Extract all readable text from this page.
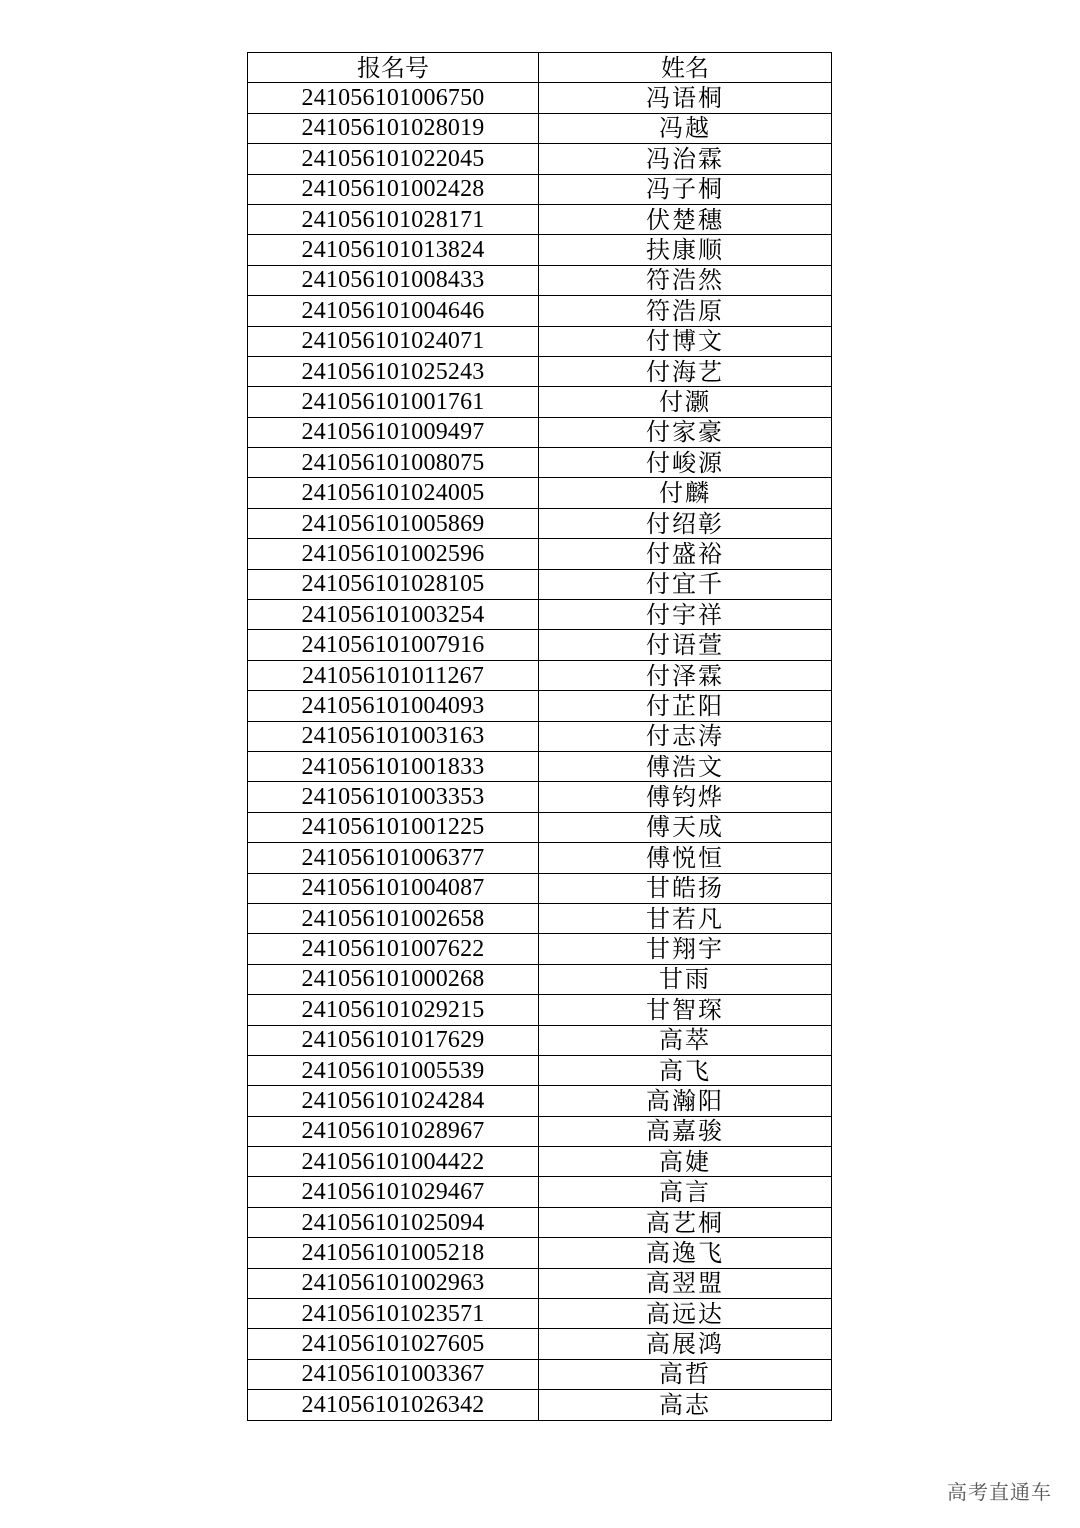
报名号	姓名
241056101006750	冯语桐
241056101028019	冯越
241056101022045	冯治霖
241056101002428	冯子桐
241056101028171	伏楚穗
241056101013824	扶康顺
241056101008433	符浩然
241056101004646	符浩原
241056101024071	付博文
241056101025243	付海艺
241056101001761	付灏
241056101009497	付家豪
241056101008075	付峻源
241056101024005	付麟
241056101005869	付绍彰
241056101002596	付盛裕
241056101028105	付宜千
241056101003254	付宇祥
241056101007916	付语萱
241056101011267	付泽霖
241056101004093	付芷阳
241056101003163	付志涛
241056101001833	傅浩文
241056101003353	傅钧烨
241056101001225	傅天成
241056101006377	傅悦恒
241056101004087	甘皓扬
241056101002658	甘若凡
241056101007622	甘翔宇
241056101000268	甘雨
241056101029215	甘智琛
241056101017629	高萃
241056101005539	高飞
241056101024284	高瀚阳
241056101028967	高嘉骏
241056101004422	高婕
241056101029467	高言
241056101025094	高艺桐
241056101005218	高逸飞
241056101002963	高翌盟
241056101023571	高远达
241056101027605	高展鸿
241056101003367	高哲
241056101026342	高志
高考直通车
